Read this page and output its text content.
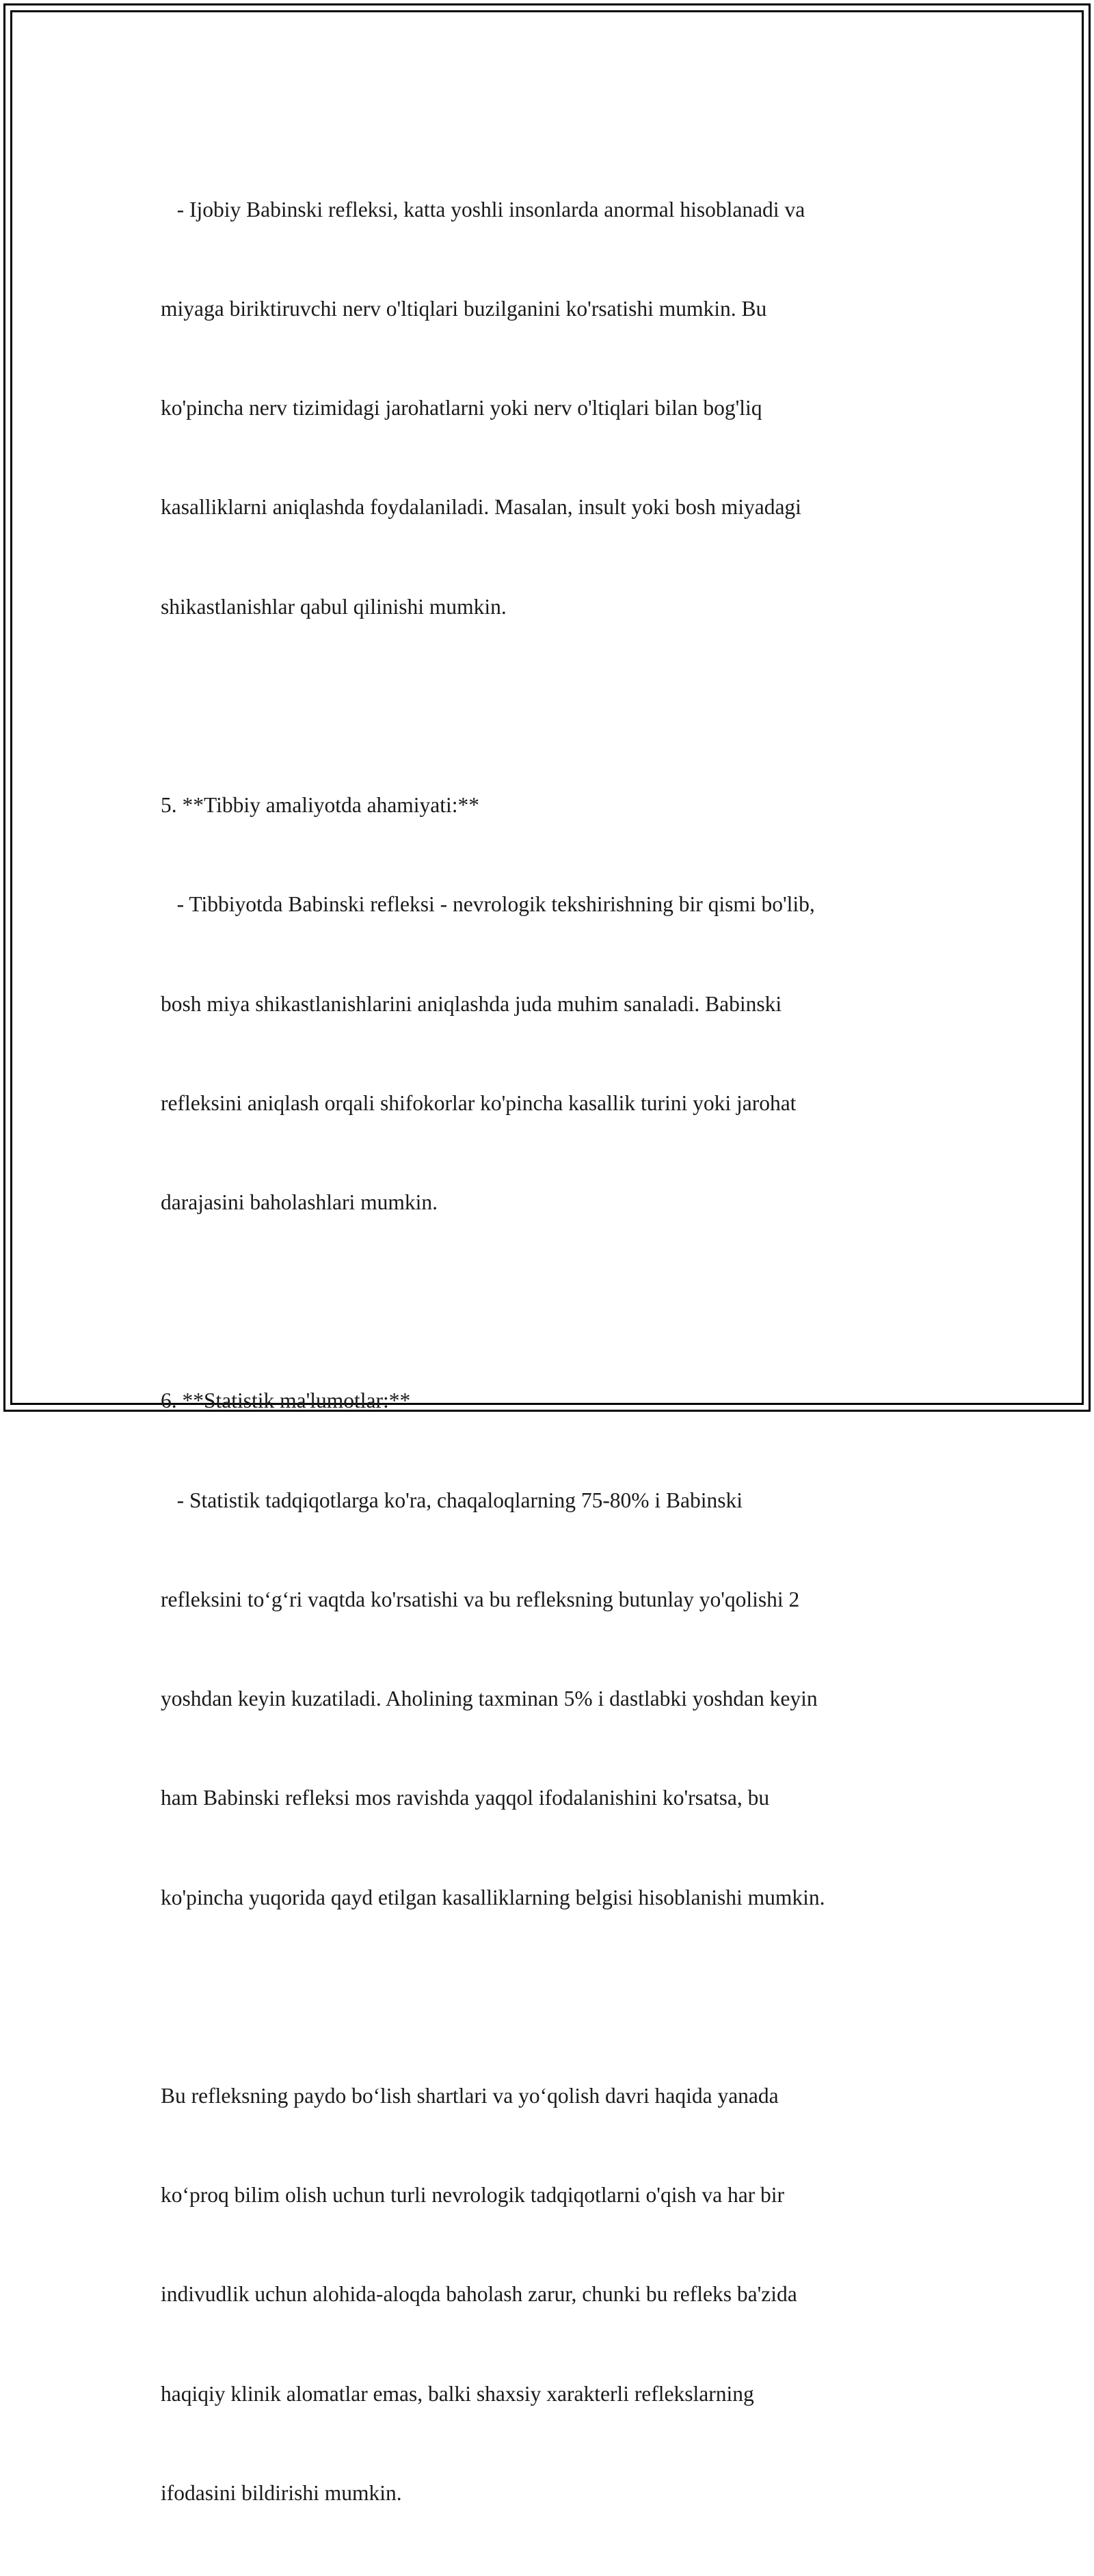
- Ijobiy Babinski refleksi, katta yoshli insonlarda anormal hisoblanadi va

miyaga biriktiruvchi nerv o'ltiqlari buzilganini ko'rsatishi mumkin. Bu

ko'pincha nerv tizimidagi jarohatlarni yoki nerv o'ltiqlari bilan bog'liq

kasalliklarni aniqlashda foydalaniladi. Masalan, insult yoki bosh miyadagi

shikastlanishlar qabul qilinishi mumkin.

5. **Tibbiy amaliyotda ahamiyati:**

- Tibbiyotda Babinski refleksi - nevrologik tekshirishning bir qismi bo'lib,

bosh miya shikastlanishlarini aniqlashda juda muhim sanaladi. Babinski

refleksini aniqlash orqali shifokorlar ko'pincha kasallik turini yoki jarohat

darajasini baholashlari mumkin.

6. **Statistik ma'lumotlar:**

- Statistik tadqiqotlarga ko'ra, chaqaloqlarning 75-80% i Babinski

refleksini to‘g‘ri vaqtda ko'rsatishi va bu refleksning butunlay yo'qolishi 2

yoshdan keyin kuzatiladi. Aholining taxminan 5% i dastlabki yoshdan keyin

ham Babinski refleksi mos ravishda yaqqol ifodalanishini ko'rsatsa, bu

ko'pincha yuqorida qayd etilgan kasalliklarning belgisi hisoblanishi mumkin.

Bu refleksning paydo bo‘lish shartlari va yo‘qolish davri haqida yanada

ko‘proq bilim olish uchun turli nevrologik tadqiqotlarni o'qish va har bir

indivudlik uchun alohida-aloqda baholash zarur, chunki bu refleks ba'zida

haqiqiy klinik alomatlar emas, balki shaxsiy xarakterli reflekslarning

ifodasini bildirishi mumkin.
